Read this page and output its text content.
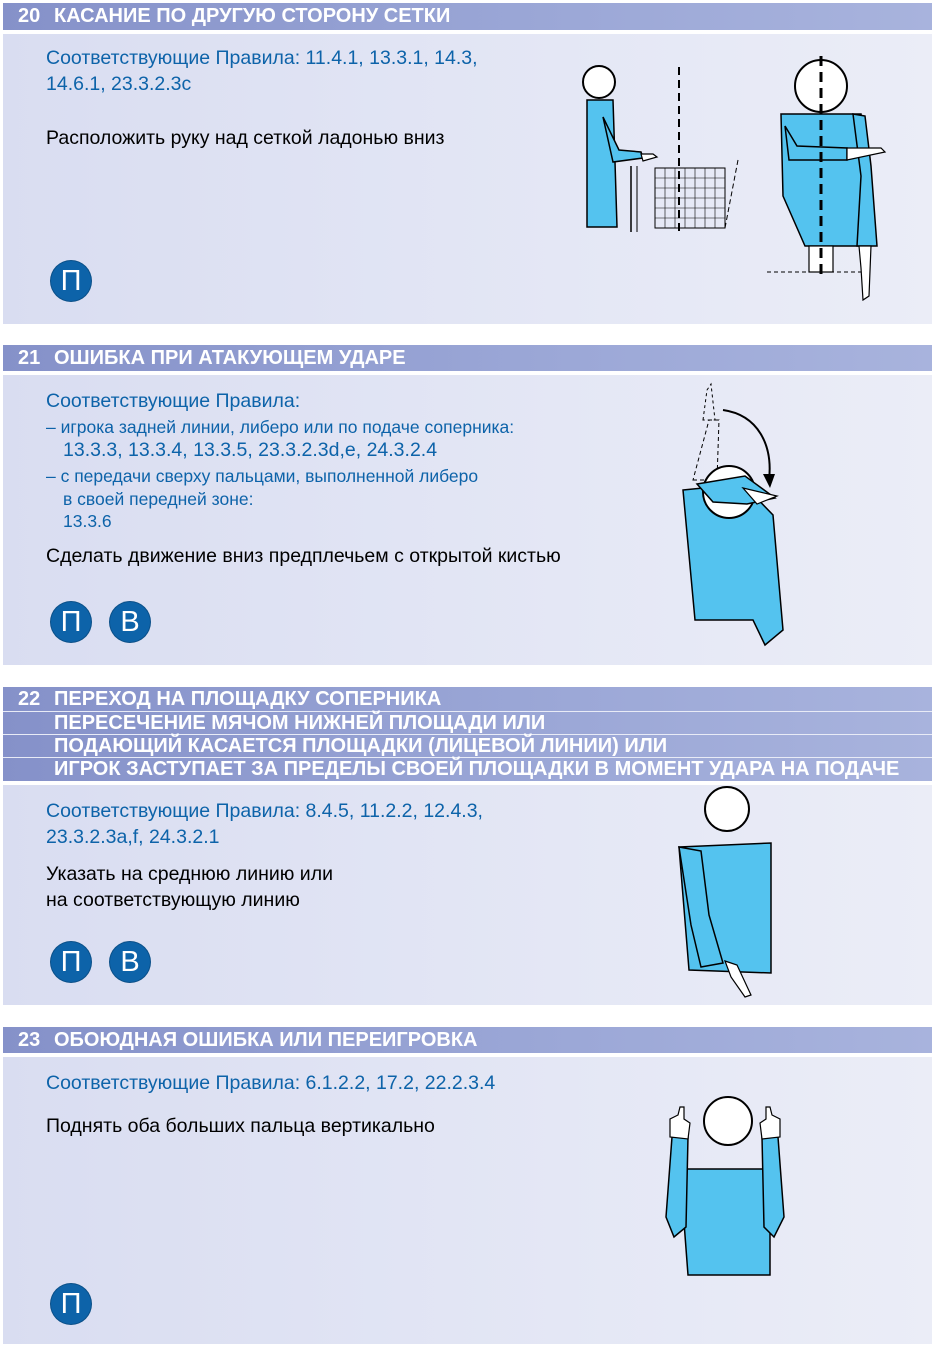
20 КАСАНИЕ ПО ДРУГУЮ СТОРОНУ СЕТКИ
Соответствующие Правила: 11.4.1, 13.3.1, 14.3,
14.6.1, 23.3.2.3c
Расположить руку над сеткой ладонью вниз
П
21 ОШИБКА ПРИ АТАКУЮЩЕМ УДАРЕ
Соответствующие Правила:
– игрока задней линии, либеро или по подаче соперника:
13.3.3, 13.3.4, 13.3.5, 23.3.2.3d,e, 24.3.2.4
– с передачи сверху пальцами, выполненной либеро
в своей передней зоне:
13.3.6
Сделать движение вниз предплечьем с открытой кистью
П	В
22 ПЕРЕХОД НА ПЛОЩАДКУ СОПЕРНИКА
ПЕРЕСЕЧЕНИЕ МЯЧОМ НИЖНЕЙ ПЛОЩАДИ ИЛИ
ПОДАЮЩИЙ КАСАЕТСЯ ПЛОЩАДКИ (ЛИЦЕВОЙ ЛИНИИ) ИЛИ
ИГРОК ЗАСТУПАЕТ ЗА ПРЕДЕЛЫ СВОЕЙ ПЛОЩАДКИ В МОМЕНТ УДАРА НА ПОДАЧЕ
Соответствующие Правила: 8.4.5, 11.2.2, 12.4.3,
23.3.2.3a,f, 24.3.2.1
Указать на среднюю линию или
на соответствующую линию
П	В
23 ОБОЮДНАЯ ОШИБКА ИЛИ ПЕРЕИГРОВКА
Соответствующие Правила: 6.1.2.2, 17.2, 22.2.3.4
Поднять оба больших пальца вертикально
П
